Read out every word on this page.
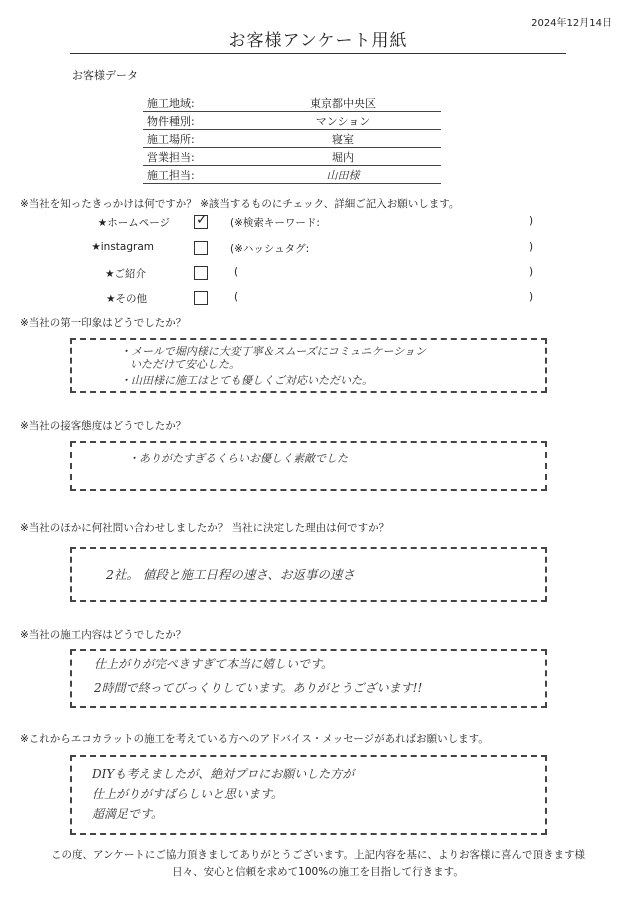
2024年12月14日
お客様アンケート用紙
お客様データ
施工地域:	東京都中央区
物件種別:	マンション
施工場所:	寝室
営業担当:	堀内
施工担当:	山田様
※当社を知ったきっかけは何ですか？ ※該当するものにチェック、詳細ご記入お願いします。
★ホームページ ✓ (※検索キーワード:	)
★instagram	(※ハッシュタグ:	)
★ご紹介	(	)
★その他	(	)
※当社の第一印象はどうでしたか？
・メールで堀内様に大変丁寧＆スムーズにコミュニケーション
いただけて安心した。
・山田様に施工はとても優しくご対応いただいた。
※当社の接客態度はどうでしたか？
・ありがたすぎるくらいお優しく素敵でした
※当社のほかに何社問い合わせしましたか？ 当社に決定した理由は何ですか？
2社。 値段と施工日程の速さ、お返事の速さ
※当社の施工内容はどうでしたか？
仕上がりが完ぺきすぎて本当に嬉しいです。
2時間で終ってびっくりしています。ありがとうございます!!
※これからエコカラットの施工を考えている方へのアドバイス・メッセージがあればお願いします。
DIYも考えましたが、絶対プロにお願いした方が
仕上がりがすばらしいと思います。
超満足です。
この度、アンケートにご協力頂きましてありがとうございます。上記内容を基に、よりお客様に喜んで頂きます様
日々、安心と信頼を求めて100%の施工を目指して行きます。
